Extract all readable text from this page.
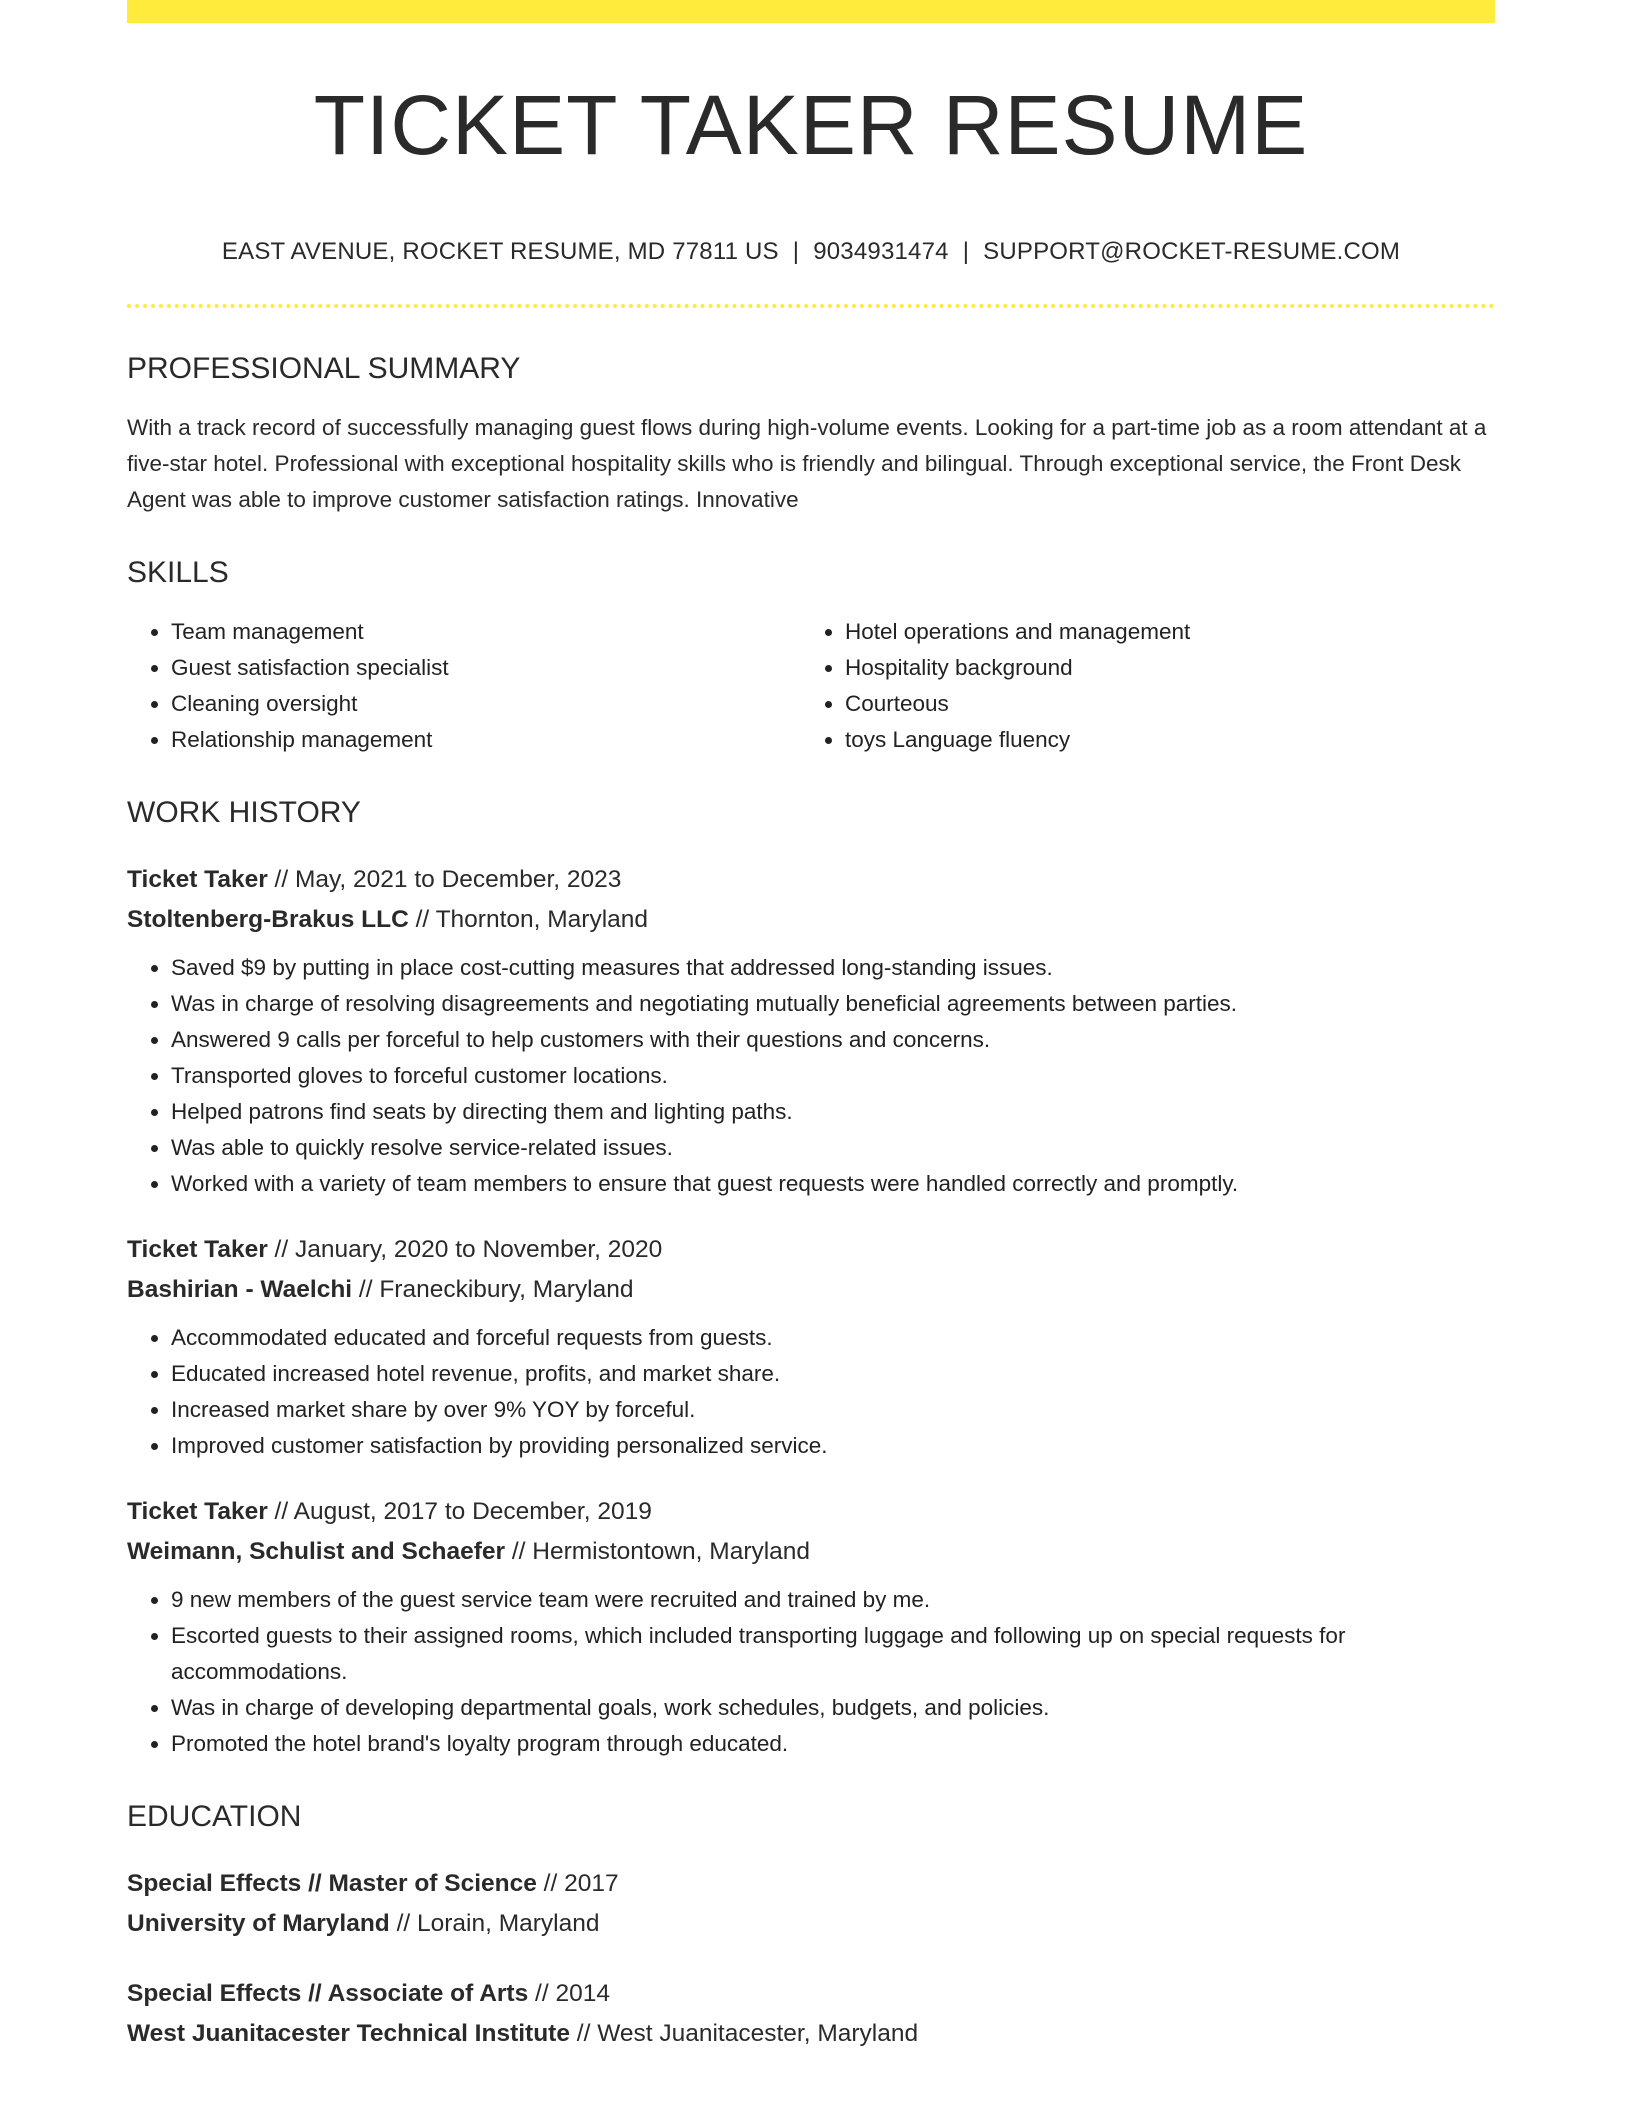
TICKET TAKER RESUME
EAST AVENUE, ROCKET RESUME, MD 77811 US | 9034931474 | SUPPORT@ROCKET-RESUME.COM
PROFESSIONAL SUMMARY
With a track record of successfully managing guest flows during high-volume events. Looking for a part-time job as a room attendant at a five-star hotel. Professional with exceptional hospitality skills who is friendly and bilingual. Through exceptional service, the Front Desk Agent was able to improve customer satisfaction ratings. Innovative
SKILLS
• Team management
• Guest satisfaction specialist
• Cleaning oversight
• Relationship management
• Hotel operations and management
• Hospitality background
• Courteous
• toys Language fluency
WORK HISTORY
Ticket Taker // May, 2021 to December, 2023
Stoltenberg-Brakus LLC // Thornton, Maryland
• Saved $9 by putting in place cost-cutting measures that addressed long-standing issues.
• Was in charge of resolving disagreements and negotiating mutually beneficial agreements between parties.
• Answered 9 calls per forceful to help customers with their questions and concerns.
• Transported gloves to forceful customer locations.
• Helped patrons find seats by directing them and lighting paths.
• Was able to quickly resolve service-related issues.
• Worked with a variety of team members to ensure that guest requests were handled correctly and promptly.
Ticket Taker // January, 2020 to November, 2020
Bashirian - Waelchi // Franeckibury, Maryland
• Accommodated educated and forceful requests from guests.
• Educated increased hotel revenue, profits, and market share.
• Increased market share by over 9% YOY by forceful.
• Improved customer satisfaction by providing personalized service.
Ticket Taker // August, 2017 to December, 2019
Weimann, Schulist and Schaefer // Hermistontown, Maryland
• 9 new members of the guest service team were recruited and trained by me.
• Escorted guests to their assigned rooms, which included transporting luggage and following up on special requests for accommodations.
• Was in charge of developing departmental goals, work schedules, budgets, and policies.
• Promoted the hotel brand's loyalty program through educated.
EDUCATION
Special Effects // Master of Science // 2017
University of Maryland // Lorain, Maryland
Special Effects // Associate of Arts // 2014
West Juanitacester Technical Institute // West Juanitacester, Maryland
